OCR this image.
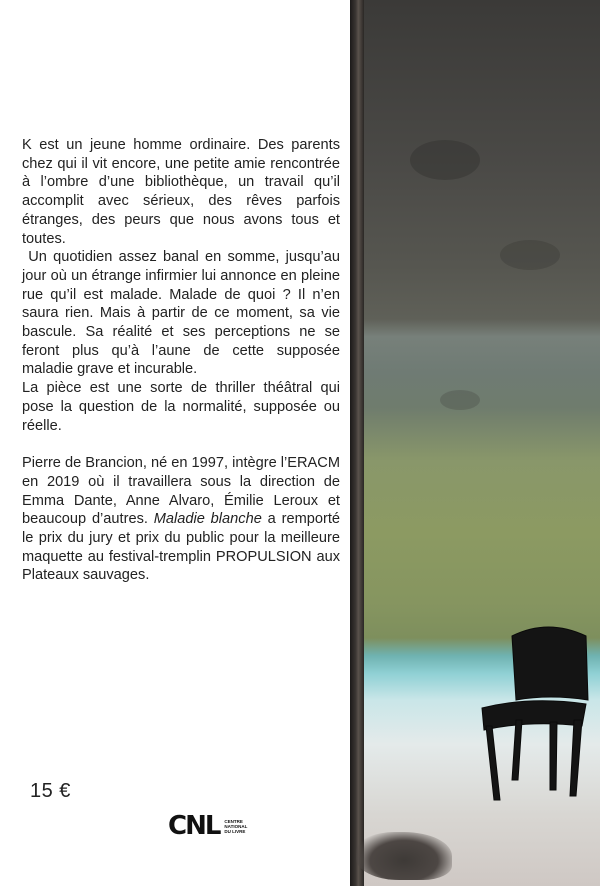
K est un jeune homme ordinaire. Des parents chez qui il vit encore, une petite amie rencontrée à l’ombre d’une bibliothèque, un travail qu’il accomplit avec sérieux, des rêves parfois étranges, des peurs que nous avons tous et toutes.

Un quotidien assez banal en somme, jusqu’au jour où un étrange infirmier lui annonce en pleine rue qu’il est malade. Malade de quoi ? Il n’en saura rien. Mais à partir de ce moment, sa vie bascule. Sa réalité et ses perceptions ne se feront plus qu’à l’aune de cette supposée maladie grave et incurable.

La pièce est une sorte de thriller théâtral qui pose la question de la normalité, supposée ou réelle.

Pierre de Brancion, né en 1997, intègre l’ERACM en 2019 où il travaillera sous la direction de Emma Dante, Anne Alvaro, Émilie Leroux et beaucoup d’autres. Maladie blanche a remporté le prix du jury et prix du public pour la meilleure maquette au festival-tremplin PROPULSION aux Plateaux sauvages.

15 €
CNL CENTRE NATIONAL DU LIVRE
